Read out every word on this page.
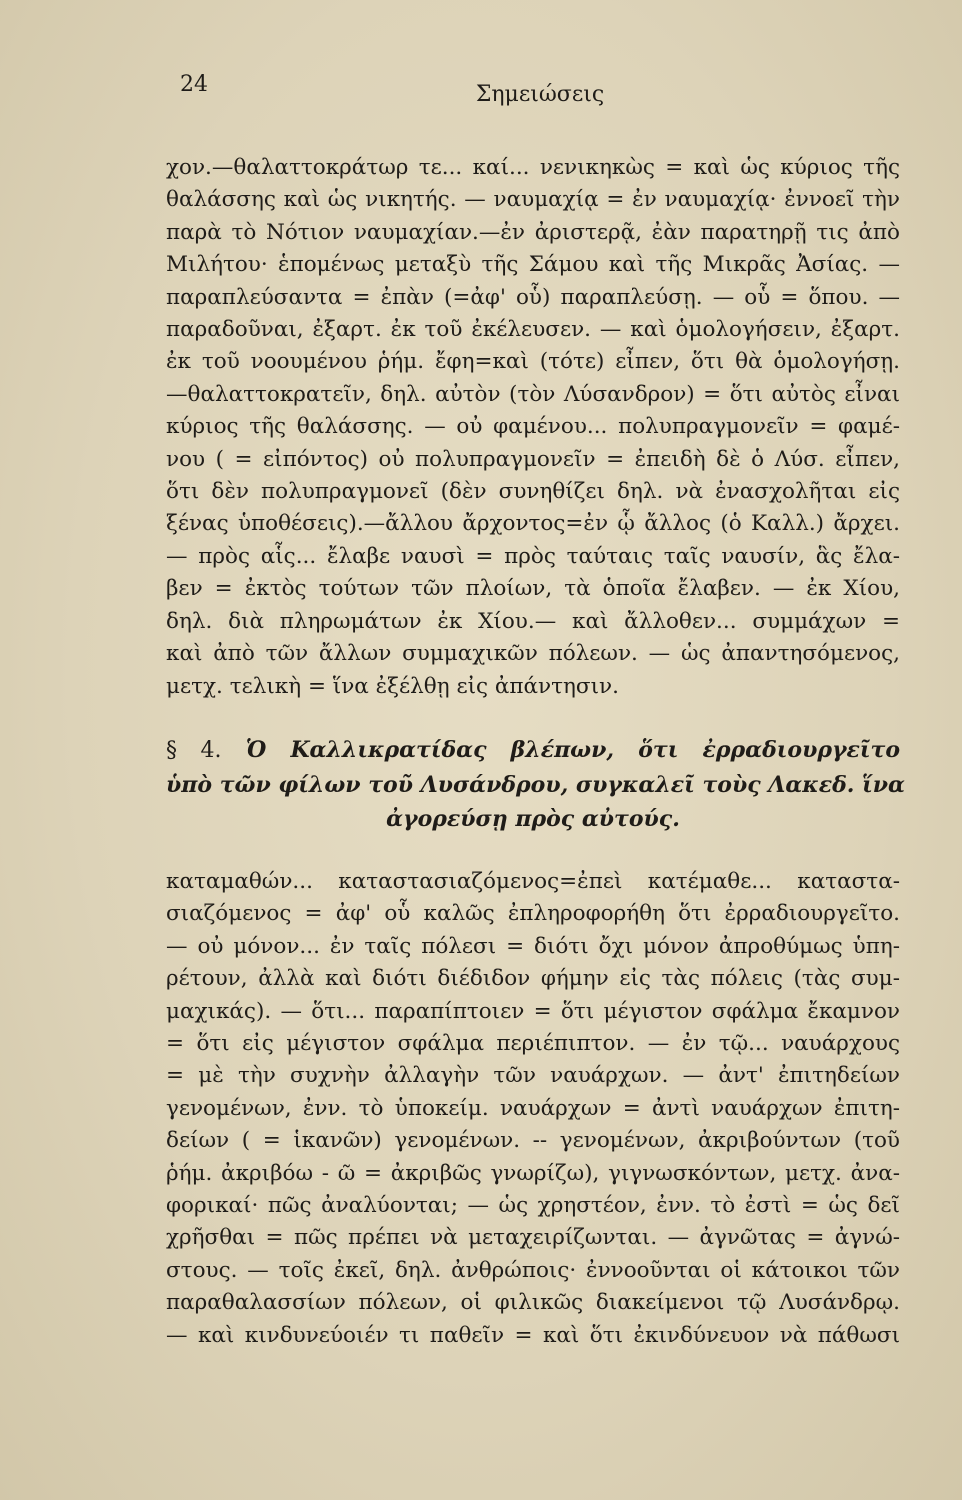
24	Σημειώσεις
χον.—θαλαττοκράτωρ τε... καί... νενικηκὼς = καὶ ὡς κύριος τῆς
θαλάσσης καὶ ὡς νικητής. — ναυμαχίᾳ = ἐν ναυμαχίᾳ· ἐννοεῖ τὴν
παρὰ τὸ Νότιον ναυμαχίαν.—ἐν ἀριστερᾷ, ἐὰν παρατηρῇ τις ἀπὸ
Μιλήτου· ἑπομένως μεταξὺ τῆς Σάμου καὶ τῆς Μικρᾶς Ἀσίας. —
παραπλεύσαντα = ἐπὰν (=ἀφ' οὗ) παραπλεύσῃ. — οὗ = ὅπου. —
παραδοῦναι, ἐξαρτ. ἐκ τοῦ ἐκέλευσεν. — καὶ ὁμολογήσειν, ἐξαρτ.
ἐκ τοῦ νοουμένου ῥήμ. ἔφη=καὶ (τότε) εἶπεν, ὅτι θὰ ὁμολογήσῃ.
—θαλαττοκρατεῖν, δηλ. αὐτὸν (τὸν Λύσανδρον) = ὅτι αὐτὸς εἶναι
κύριος τῆς θαλάσσης. — οὐ φαμένου... πολυπραγμονεῖν = φαμέ-
νου ( = εἰπόντος) οὐ πολυπραγμονεῖν = ἐπειδὴ δὲ ὁ Λύσ. εἶπεν,
ὅτι δὲν πολυπραγμονεῖ (δὲν συνηθίζει δηλ. νὰ ἐνασχολῆται εἰς
ξένας ὑποθέσεις).—ἄλλου ἄρχοντος=ἐν ᾧ ἄλλος (ὁ Καλλ.) ἄρχει.
— πρὸς αἷς... ἔλαβε ναυσὶ = πρὸς ταύταις ταῖς ναυσίν, ἃς ἔλα-
βεν = ἐκτὸς τούτων τῶν πλοίων, τὰ ὁποῖα ἔλαβεν. — ἐκ Χίου,
δηλ. διὰ πληρωμάτων ἐκ Χίου.— καὶ ἄλλοθεν... συμμάχων =
καὶ ἀπὸ τῶν ἄλλων συμμαχικῶν πόλεων. — ὡς ἀπαντησόμενος,
μετχ. τελικὴ = ἵνα ἐξέλθῃ εἰς ἀπάντησιν.
§ 4. Ὁ Καλλικρατίδας βλέπων, ὅτι ἐρραδιουργεῖτο
ὑπὸ τῶν φίλων τοῦ Λυσάνδρου, συγκαλεῖ τοὺς Λακεδ. ἵνα
ἀγορεύσῃ πρὸς αὐτούς.
καταμαθών... καταστασιαζόμενος=ἐπεὶ κατέμαθε... καταστα-
σιαζόμενος = ἀφ' οὗ καλῶς ἐπληροφορήθη ὅτι ἐρραδιουργεῖτο.
— οὐ μόνον... ἐν ταῖς πόλεσι = διότι ὄχι μόνον ἀπροθύμως ὑπη-
ρέτουν, ἀλλὰ καὶ διότι διέδιδον φήμην εἰς τὰς πόλεις (τὰς συμ-
μαχικάς). — ὅτι... παραπίπτοιεν = ὅτι μέγιστον σφάλμα ἔκαμνον
= ὅτι εἰς μέγιστον σφάλμα περιέπιπτον. — ἐν τῷ... ναυάρχους
= μὲ τὴν συχνὴν ἀλλαγὴν τῶν ναυάρχων. — ἀντ' ἐπιτηδείων
γενομένων, ἐνν. τὸ ὑποκείμ. ναυάρχων = ἀντὶ ναυάρχων ἐπιτη-
δείων ( = ἱκανῶν) γενομένων. -- γενομένων, ἀκριβούντων (τοῦ
ῥήμ. ἀκριβόω - ῶ = ἀκριβῶς γνωρίζω), γιγνωσκόντων, μετχ. ἀνα-
φορικαί· πῶς ἀναλύονται; — ὡς χρηστέον, ἐνν. τὸ ἐστὶ = ὡς δεῖ
χρῆσθαι = πῶς πρέπει νὰ μεταχειρίζωνται. — ἀγνῶτας = ἀγνώ-
στους. — τοῖς ἐκεῖ, δηλ. ἀνθρώποις· ἐννοοῦνται οἱ κάτοικοι τῶν
παραθαλασσίων πόλεων, οἱ φιλικῶς διακείμενοι τῷ Λυσάνδρῳ.
— καὶ κινδυνεύοιέν τι παθεῖν = καὶ ὅτι ἐκινδύνευον νὰ πάθωσι
